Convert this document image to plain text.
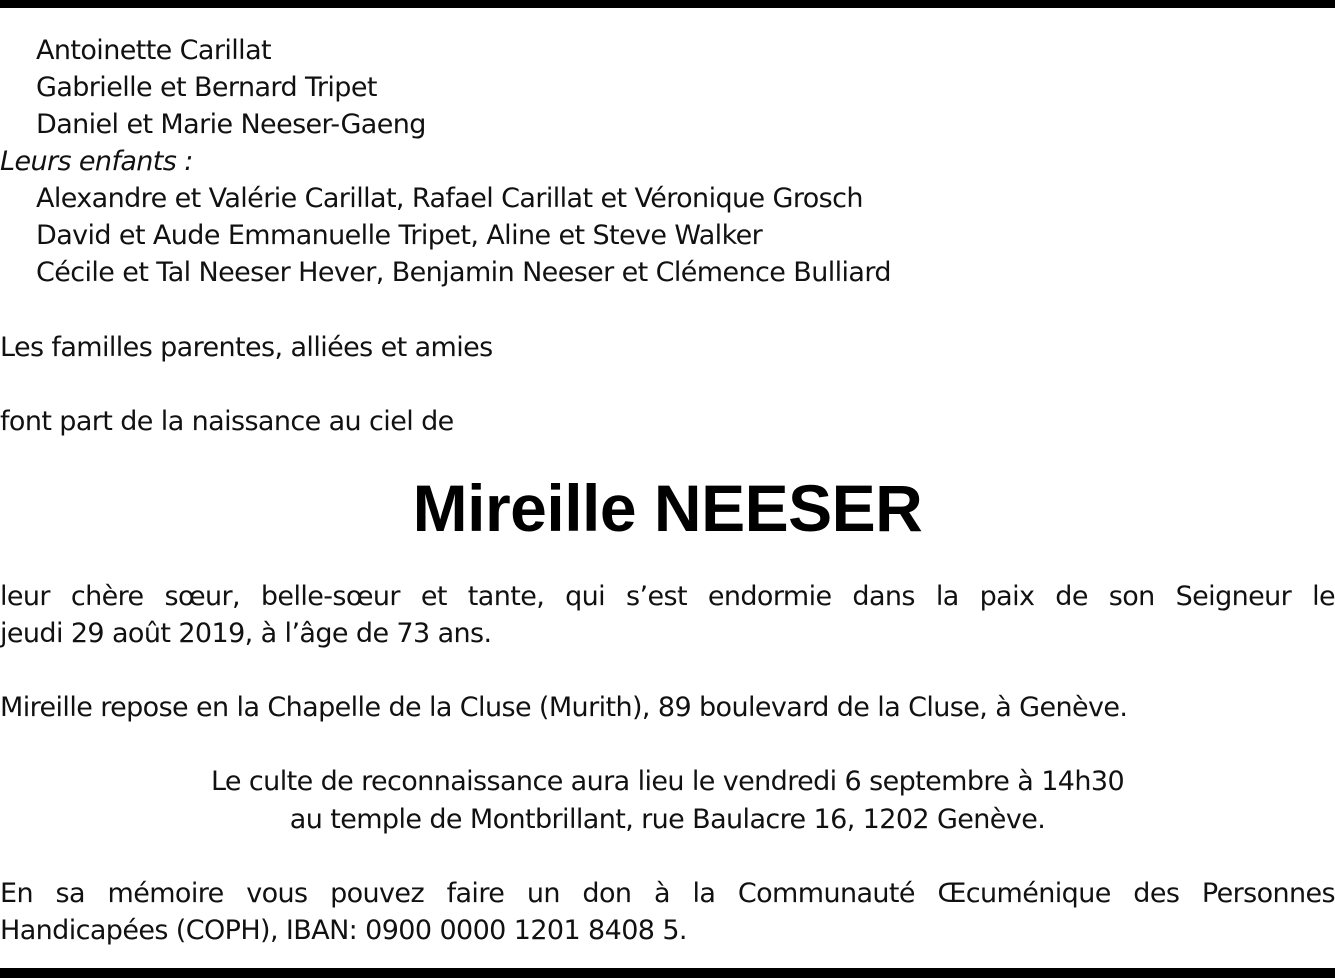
Antoinette Carillat
Gabrielle et Bernard Tripet
Daniel et Marie Neeser-Gaeng
Leurs enfants :
Alexandre et Valérie Carillat, Rafael Carillat et Véronique Grosch
David et Aude Emmanuelle Tripet, Aline et Steve Walker
Cécile et Tal Neeser Hever, Benjamin Neeser et Clémence Bulliard
Les familles parentes, alliées et amies
font part de la naissance au ciel de
Mireille NEESER
leur chère sœur, belle-sœur et tante, qui s’est endormie dans la paix de son Seigneur le
jeudi 29 août 2019, à l’âge de 73 ans.
Mireille repose en la Chapelle de la Cluse (Murith), 89 boulevard de la Cluse, à Genève.
Le culte de reconnaissance aura lieu le vendredi 6 septembre à 14h30
au temple de Montbrillant, rue Baulacre 16, 1202 Genève.
En sa mémoire vous pouvez faire un don à la Communauté Œcuménique des Personnes
Handicapées (COPH), IBAN: 0900 0000 1201 8408 5.
